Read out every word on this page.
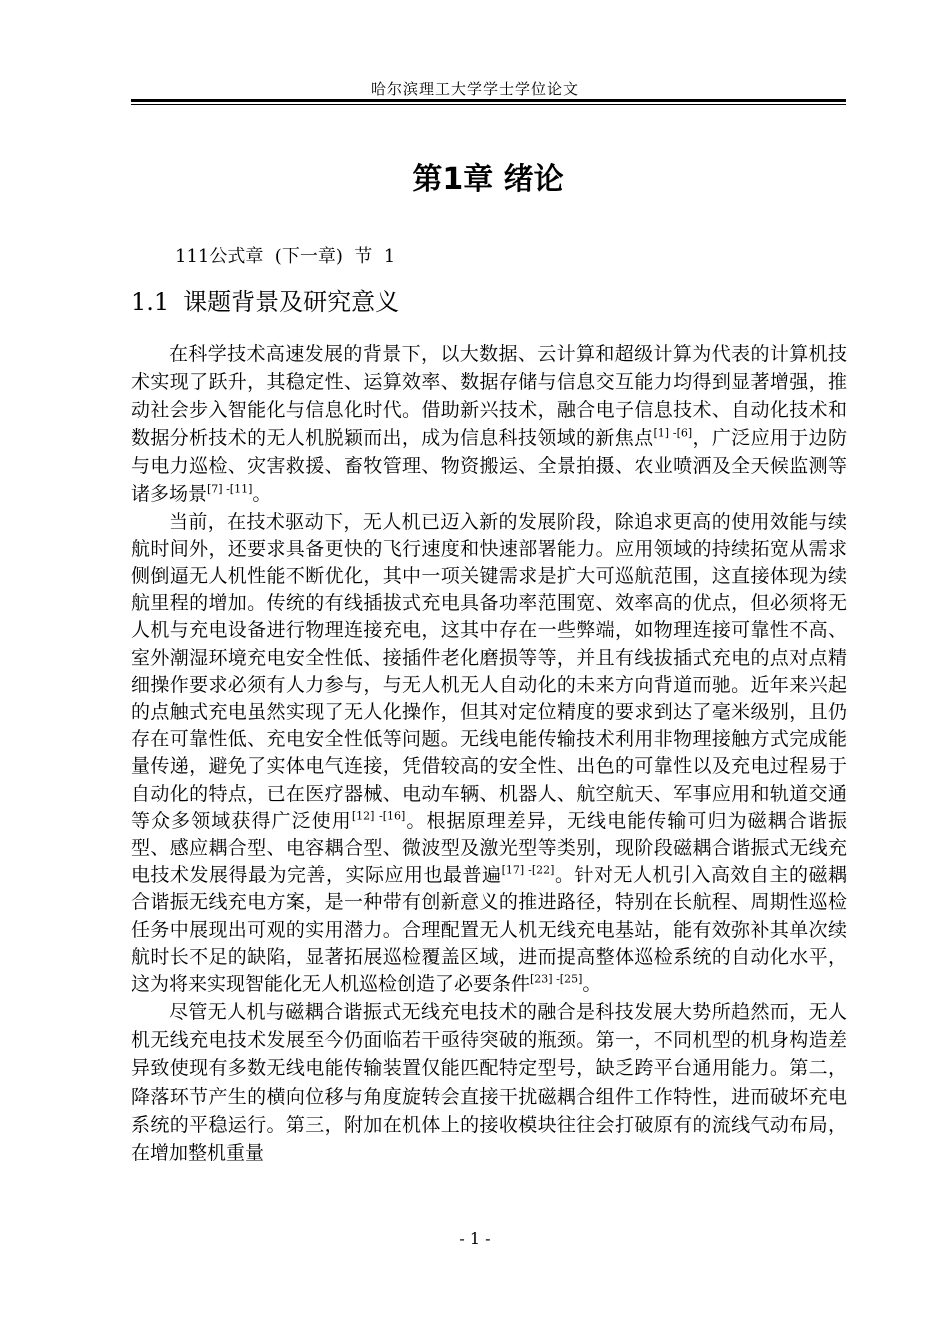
哈尔滨理工大学学士学位论文
第1章 绪论
111公式章  (下一章)  节  1
1.1 课题背景及研究意义

在科学技术高速发展的背景下，以大数据、云计算和超级计算为代表的计算机技术实现了跃升，其稳定性、运算效率、数据存储与信息交互能力均得到显著增强，推动社会步入智能化与信息化时代。借助新兴技术，融合电子信息技术、自动化技术和数据分析技术的无人机脱颖而出，成为信息科技领域的新焦点[1] -[6]，广泛应用于边防与电力巡检、灾害救援、畜牧管理、物资搬运、全景拍摄、农业喷洒及全天候监测等诸多场景[7] -[11]。

当前，在技术驱动下，无人机已迈入新的发展阶段，除追求更高的使用效能与续航时间外，还要求具备更快的飞行速度和快速部署能力。应用领域的持续拓宽从需求侧倒逼无人机性能不断优化，其中一项关键需求是扩大可巡航范围，这直接体现为续航里程的增加。传统的有线插拔式充电具备功率范围宽、效率高的优点，但必须将无人机与充电设备进行物理连接充电，这其中存在一些弊端，如物理连接可靠性不高、室外潮湿环境充电安全性低、接插件老化磨损等等，并且有线拔插式充电的点对点精细操作要求必须有人力参与，与无人机无人自动化的未来方向背道而驰。近年来兴起的点触式充电虽然实现了无人化操作，但其对定位精度的要求到达了毫米级别，且仍存在可靠性低、充电安全性低等问题。无线电能传输技术利用非物理接触方式完成能量传递，避免了实体电气连接，凭借较高的安全性、出色的可靠性以及充电过程易于自动化的特点，已在医疗器械、电动车辆、机器人、航空航天、军事应用和轨道交通等众多领域获得广泛使用[12] -[16]。根据原理差异，无线电能传输可归为磁耦合谐振型、感应耦合型、电容耦合型、微波型及激光型等类别，现阶段磁耦合谐振式无线充电技术发展得最为完善，实际应用也最普遍[17] -[22]。针对无人机引入高效自主的磁耦合谐振无线充电方案，是一种带有创新意义的推进路径，特别在长航程、周期性巡检任务中展现出可观的实用潜力。合理配置无人机无线充电基站，能有效弥补其单次续航时长不足的缺陷，显著拓展巡检覆盖区域，进而提高整体巡检系统的自动化水平，这为将来实现智能化无人机巡检创造了必要条件[23] -[25]。

尽管无人机与磁耦合谐振式无线充电技术的融合是科技发展大势所趋然而，无人机无线充电技术发展至今仍面临若干亟待突破的瓶颈。第一，不同机型的机身构造差异致使现有多数无线电能传输装置仅能匹配特定型号，缺乏跨平台通用能力。第二，降落环节产生的横向位移与角度旋转会直接干扰磁耦合组件工作特性，进而破坏充电系统的平稳运行。第三，附加在机体上的接收模块往往会打破原有的流线气动布局，在增加整机重量

- 1 -
